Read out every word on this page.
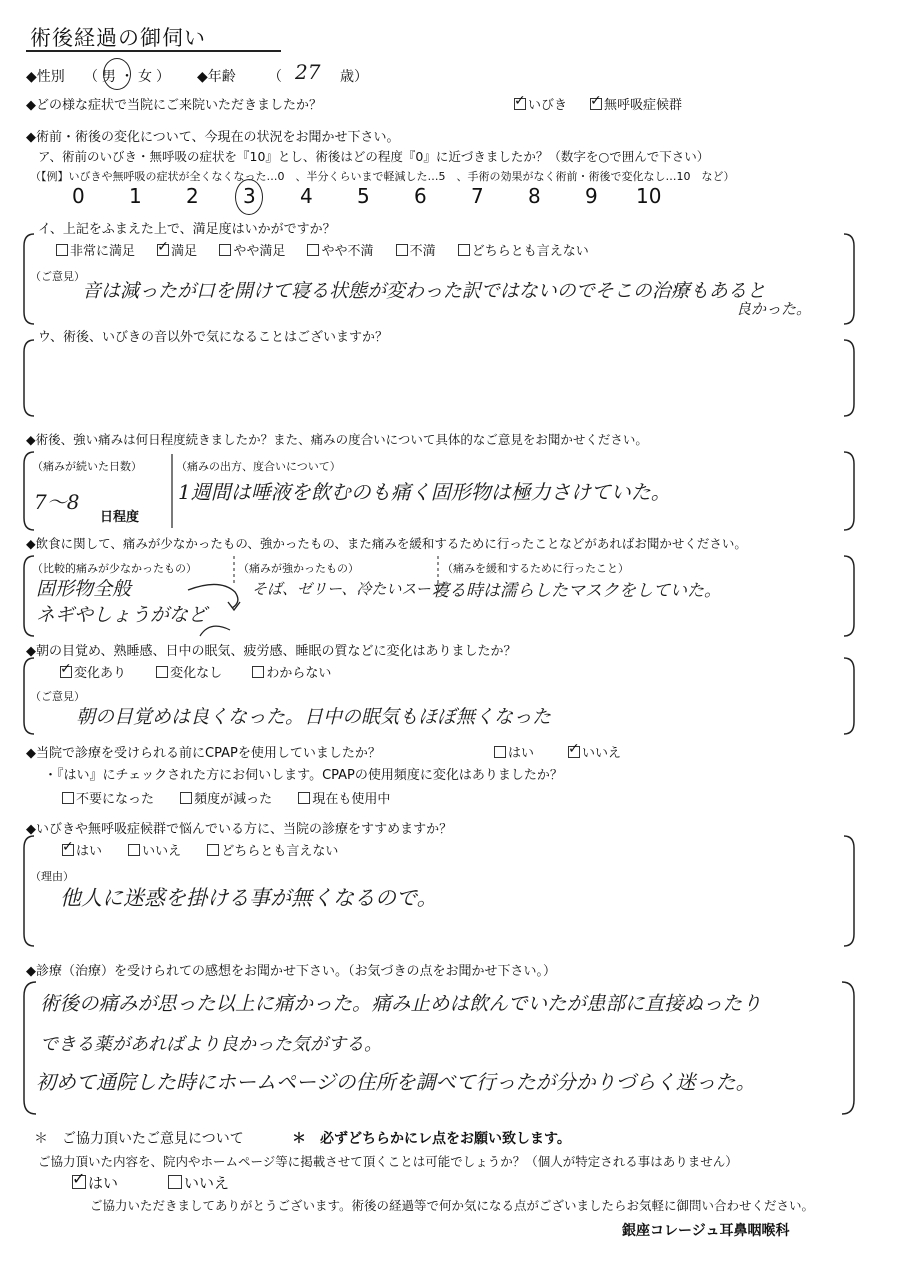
術後経過の御伺い
◆性別 （男・女） ◆年齢 （ 27 歳）
◆どの様な症状で当院にご来院いただきましたか？	✓ いびき ✓ 無呼吸症候群
◆術前・術後の変化について、今現在の状況をお聞かせ下さい。
ア、術前のいびき・無呼吸の症状を『10』とし、術後はどの程度『0』に近づきましたか？（数字を○で囲んで下さい）
（【例】いびきや無呼吸の症状が全くなくなった…0　、半分くらいまで軽減した…5　、手術の効果がなく術前・術後で変化なし…10　など）
0 1 2 3 4 5 6 7 8 9 10
イ、上記をふまえた上で、満足度はいかがですか？
非常に満足 ✓ 満足	やや満足	やや不満	不満	どちらとも言えない
（ご意見）
音は減ったが口を開けて寝る状態が変わった訳ではないのでそこの治療もあると
良かった。
ウ、術後、いびきの音以外で気になることはございますか？
◆術後、強い痛みは何日程度続きましたか？また、痛みの度合いについて具体的なご意見をお聞かせください。
（痛みが続いた日数）
7～8
日程度
（痛みの出方、度合いについて）
1週間は唾液を飲むのも痛く固形物は極力さけていた。
◆飲食に関して、痛みが少なかったもの、強かったもの、また痛みを緩和するために行ったことなどがあればお聞かせください。
（比較的痛みが少なかったもの）
固形物全般
ネギやしょうがなど
（痛みが強かったもの）
そば、ゼリー、冷たいスープ
（痛みを緩和するために行ったこと）
寝る時は濡らしたマスクをしていた。
◆朝の目覚め、熟睡感、日中の眠気、疲労感、睡眠の質などに変化はありましたか？
✓ 変化あり	変化なし	わからない
（ご意見）
朝の目覚めは良くなった。日中の眠気もほぼ無くなった
◆当院で診療を受けられる前にCPAPを使用していましたか？	はい ✓ いいえ
・『はい』にチェックされた方にお伺いします。CPAPの使用頻度に変化はありましたか？
不要になった	頻度が減った	現在も使用中
◆いびきや無呼吸症候群で悩んでいる方に、当院の診療をすすめますか？
✓ はい	いいえ	どちらとも言えない
（理由）
他人に迷惑を掛ける事が無くなるので。
◆診療（治療）を受けられての感想をお聞かせ下さい。（お気づきの点をお聞かせ下さい。）
術後の痛みが思った以上に痛かった。痛み止めは飲んでいたが患部に直接ぬったり
できる薬があればより良かった気がする。
初めて通院した時にホームページの住所を調べて行ったが分かりづらく迷った。
＊　ご協力頂いたご意見について	＊　必ずどちらかにレ点をお願い致します。
ご協力頂いた内容を、院内やホームページ等に掲載させて頂くことは可能でしょうか？（個人が特定される事はありません）
✓ はい	いいえ
ご協力いただきましてありがとうございます。術後の経過等で何か気になる点がございましたらお気軽に御問い合わせください。
銀座コレージュ耳鼻咽喉科
